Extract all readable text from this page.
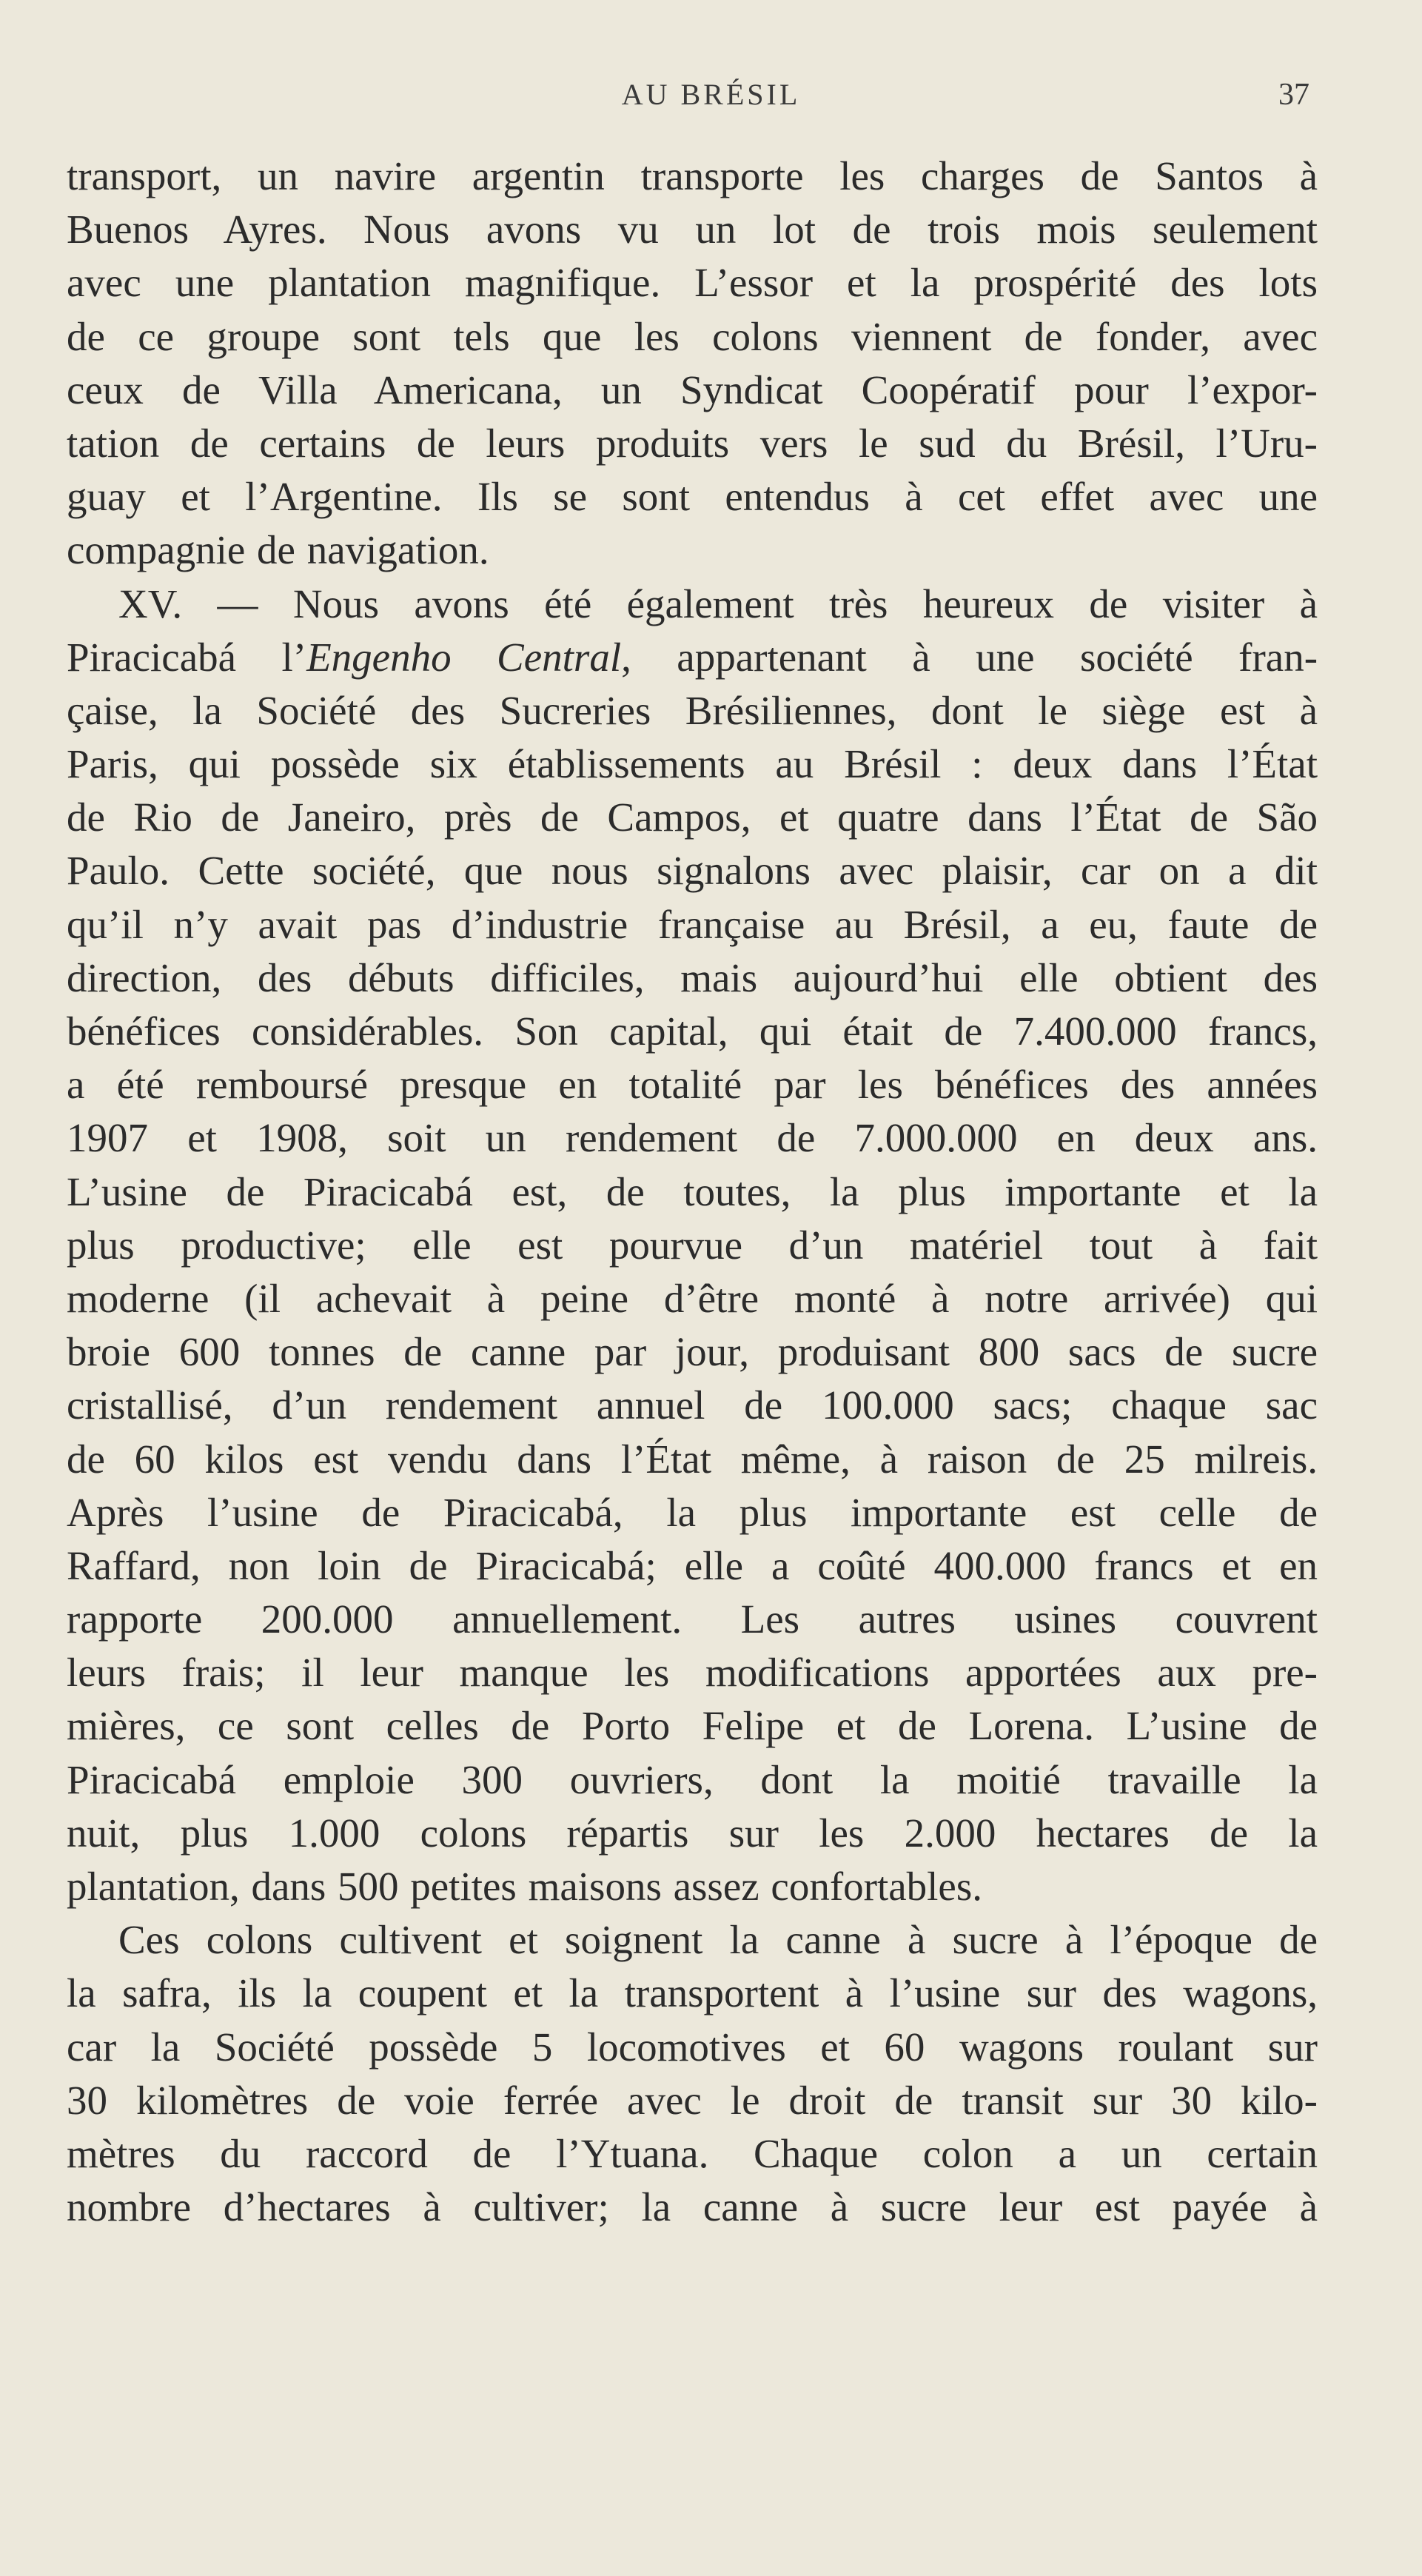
AU BRÉSIL	37
transport, un navire argentin transporte les charges de Santos à
Buenos Ayres. Nous avons vu un lot de trois mois seulement
avec une plantation magnifique. L’essor et la prospérité des lots
de ce groupe sont tels que les colons viennent de fonder, avec
ceux de Villa Americana, un Syndicat Coopératif pour l’expor-
tation de certains de leurs produits vers le sud du Brésil, l’Uru-
guay et l’Argentine. Ils se sont entendus à cet effet avec une
compagnie de navigation.
XV. — Nous avons été également très heureux de visiter à
Piracicabá l’Engenho Central, appartenant à une société fran-
çaise, la Société des Sucreries Brésiliennes, dont le siège est à
Paris, qui possède six établissements au Brésil : deux dans l’État
de Rio de Janeiro, près de Campos, et quatre dans l’État de São
Paulo. Cette société, que nous signalons avec plaisir, car on a dit
qu’il n’y avait pas d’industrie française au Brésil, a eu, faute de
direction, des débuts difficiles, mais aujourd’hui elle obtient des
bénéfices considérables. Son capital, qui était de 7.400.000 francs,
a été remboursé presque en totalité par les bénéfices des années
1907 et 1908, soit un rendement de 7.000.000 en deux ans.
L’usine de Piracicabá est, de toutes, la plus importante et la
plus productive; elle est pourvue d’un matériel tout à fait
moderne (il achevait à peine d’être monté à notre arrivée) qui
broie 600 tonnes de canne par jour, produisant 800 sacs de sucre
cristallisé, d’un rendement annuel de 100.000 sacs; chaque sac
de 60 kilos est vendu dans l’État même, à raison de 25 milreis.
Après l’usine de Piracicabá, la plus importante est celle de
Raffard, non loin de Piracicabá; elle a coûté 400.000 francs et en
rapporte 200.000 annuellement. Les autres usines couvrent
leurs frais; il leur manque les modifications apportées aux pre-
mières, ce sont celles de Porto Felipe et de Lorena. L’usine de
Piracicabá emploie 300 ouvriers, dont la moitié travaille la
nuit, plus 1.000 colons répartis sur les 2.000 hectares de la
plantation, dans 500 petites maisons assez confortables.
Ces colons cultivent et soignent la canne à sucre à l’époque de
la safra, ils la coupent et la transportent à l’usine sur des wagons,
car la Société possède 5 locomotives et 60 wagons roulant sur
30 kilomètres de voie ferrée avec le droit de transit sur 30 kilo-
mètres du raccord de l’Ytuana. Chaque colon a un certain
nombre d’hectares à cultiver; la canne à sucre leur est payée à
